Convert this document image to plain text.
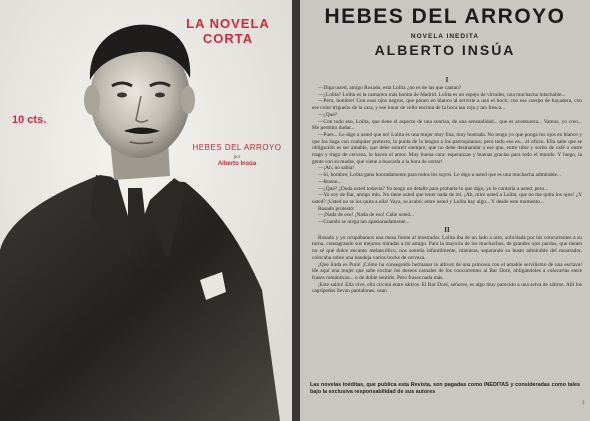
LA NOVELA
CORTA
10 cts.
HEBES DEL ARROYO
por
Alberto Insúa
HEBES DEL ARROYO
NOVELA INEDITA
ALBERTO INSÚA
I

—Diga usted, amigo Rosado, esta Lolita ¿no es de las que cantan?

—¿Lolita? Lolita es la camarera más bonita de Madrid. Lolita es un espejo de virtudes, una muchacha intachable...

—Pero, hombre! Con esos ojos negros, que ponen en blanco al servirle a uno el bock; con ese cuerpo de bayadera, con ese color trigueño de la cara, y ese lunar de vello encima de la boca tan roja y tan fresca...

—¿Qué?

—Con todo eso, Lolita, que tiene el aspecto de una sonrisa, de una sensualidad... que es aventurera... Vamos, yo creo... Me permito dudar...

—Pues... Le digo a usted que no! Lolita es una mujer muy fina, muy honrada. No tengo yo que ponga los ojos en blanco y que los haga con cualquier pretexto, la punta de la lengua a los parroquianos; pero todo eso es... el oficio. Ella sabe que se obligación es ser amable, que debe sonreír siempre, que no debe desmandar a ese que, entre ubre y sorbo de café o entre trago y trago de cerveza, le hacen el amor. Muy buena cara: esperanzas y buenas gracias para todo el mundo. Y luego, la gente con su madre, que viene a buscarla a la hora de cerrar!

—¡Ah, no sabía!

—Sí, hombre; Lolita gana honradamente para todos los suyos. Le digo a usted que es una muchacha admirable...

—Bueno...

—¿Qué? ¿Duda usted todavía? Yo tengo un detalle para probarle lo que digo, yo le contaría a usted, pero...

—Yo soy de fiar, amigo mío. No tiene usted que tener nada de mí. ¡Ah, mire usted a Lolita, que no me quita los ojos! ¿Y usted? ¡Usted no se los quita a ella! Vaya, se acabó; entre usted y Lolita hay algo... Y desde este momento...

Rosado protestó:

—¡Nada de eso! ¡Nada de eso! Calle usted...

—Cuando se niega tan apasionadamente...

II

Rosado y yo ocupábamos una mesa frente al mostrador. Lolita iba de un lado a otro, solicitada por los concurrentes a su turno, consagrando sus mejores miradas a mi amigo. Para la mayoría de los muchachos, de grandes ojos pardos, que tienen no sé qué dulce encanto melancólico, nos sonreía infantilmente, mientras, separando su busto admirable del mostrador, colocaba sobre una bandeja varios bocks de cerveza.

¡Qué linda es Pura! ¡Cómo ha conseguido hermanar la altivez de una princesa con el amable servilismo de una esclava! He aquí una mujer que sabe excitar los deseos carnales de los concurrentes al Bar Doré, obligándoles a colocarlas entre frases románticas... o de doble sentido. Pero frases nada más.

¡Este salón! Ella vive, ella circula entre sátiros. El Bar Doré, señores, es algo muy parecido a una selva de sátiros. Allí los caprípedos llevan pantalones, usan

Las novelas inéditas, que publica esta Revista, son pagadas como INEDITAS y consideradas como tales bajo la exclusiva responsabilidad de sus autores
3
